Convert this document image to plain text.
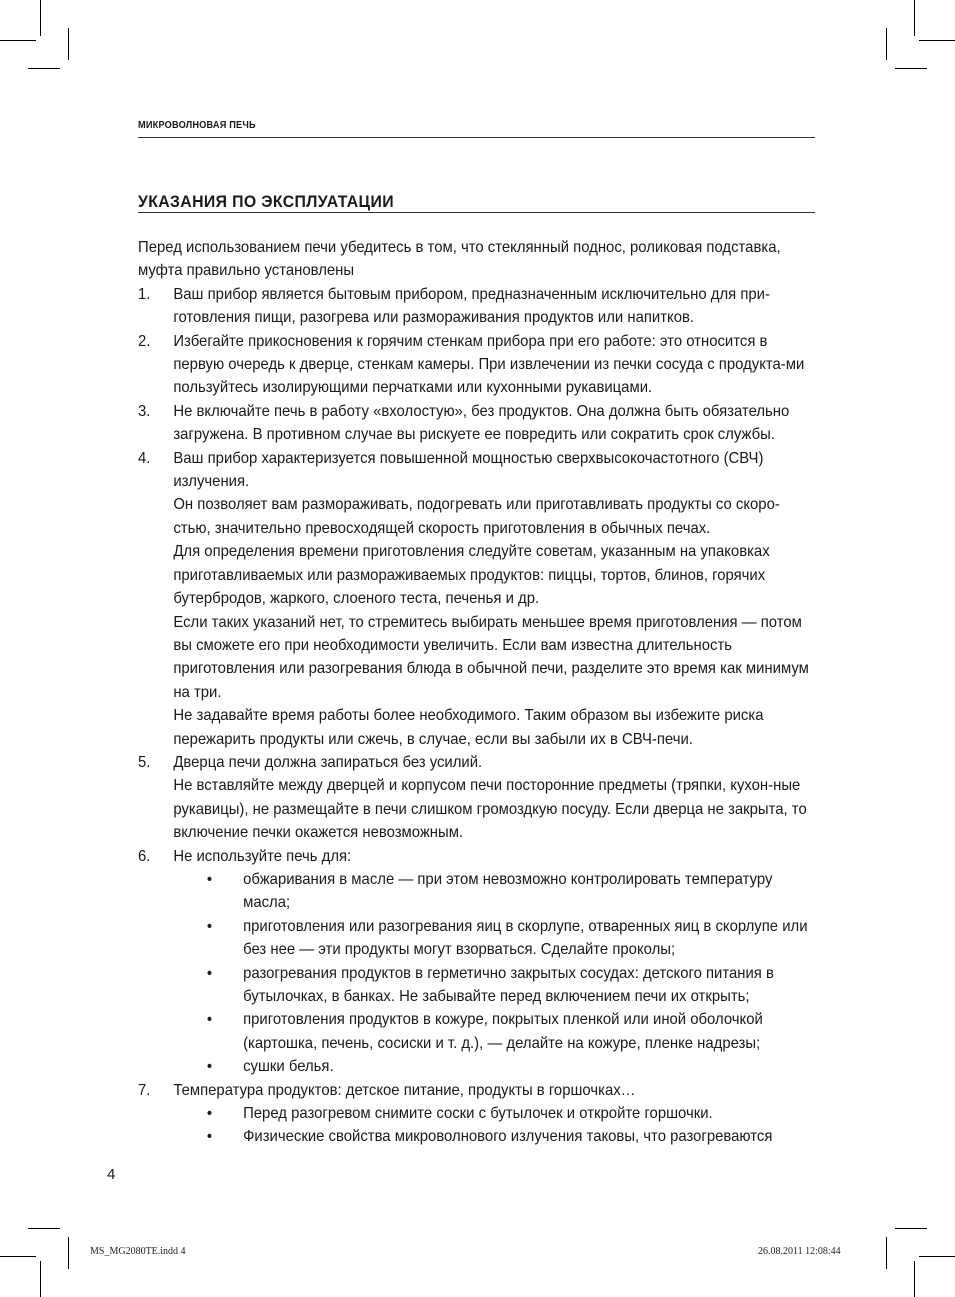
МИКРОВОЛНОВАЯ ПЕЧЬ
УКАЗАНИЯ ПО ЭКСПЛУАТАЦИИ

Перед использованием печи убедитесь в том, что стеклянный поднос, роликовая подставка, муфта правильно установлены

1. Ваш прибор является бытовым прибором, предназначенным исключительно для при-готовления пищи, разогрева или размораживания продуктов или напитков.
2. Избегайте прикосновения к горячим стенкам прибора при его работе: это относится в первую очередь к дверце, стенкам камеры. При извлечении из печки сосуда с продукта-ми пользуйтесь изолирующими перчатками или кухонными рукавицами.
3. Не включайте печь в работу «вхолостую», без продуктов. Она должна быть обязательно загружена. В противном случае вы рискуете ее повредить или сократить срок службы.
4. Ваш прибор характеризуется повышенной мощностью сверхвысокочастотного (СВЧ) излучения.
Он позволяет вам размораживать, подогревать или приготавливать продукты со скоро-стью, значительно превосходящей скорость приготовления в обычных печах.
Для определения времени приготовления следуйте советам, указанным на упаковках приготавливаемых или размораживаемых продуктов: пиццы, тортов, блинов, горячих бутербродов, жаркого, слоеного теста, печенья и др.
Если таких указаний нет, то стремитесь выбирать меньшее время приготовления — потом вы сможете его при необходимости увеличить. Если вам известна длительность приготовления или разогревания блюда в обычной печи, разделите это время как минимум на три.
Не задавайте время работы более необходимого. Таким образом вы избежите риска пережарить продукты или сжечь, в случае, если вы забыли их в СВЧ-печи.
5. Дверца печи должна запираться без усилий.
Не вставляйте между дверцей и корпусом печи посторонние предметы (тряпки, кухон-ные рукавицы), не размещайте в печи слишком громоздкую посуду. Если дверца не закрыта, то включение печки окажется невозможным.
6. Не используйте печь для:
• обжаривания в масле — при этом невозможно контролировать температуру масла;
• приготовления или разогревания яиц в скорлупе, отваренных яиц в скорлупе или без нее — эти продукты могут взорваться. Сделайте проколы;
• разогревания продуктов в герметично закрытых сосудах: детского питания в бутылочках, в банках. Не забывайте перед включением печи их открыть;
• приготовления продуктов в кожуре, покрытых пленкой или иной оболочкой (картошка, печень, сосиски и т. д.), — делайте на кожуре, пленке надрезы;
• сушки белья.
7. Температура продуктов: детское питание, продукты в горшочках…
• Перед разогревом снимите соски с бутылочек и откройте горшочки.
• Физические свойства микроволнового излучения таковы, что разогреваются
4
MS_MG2080TE.indd 4	26.08.2011 12:08:44
